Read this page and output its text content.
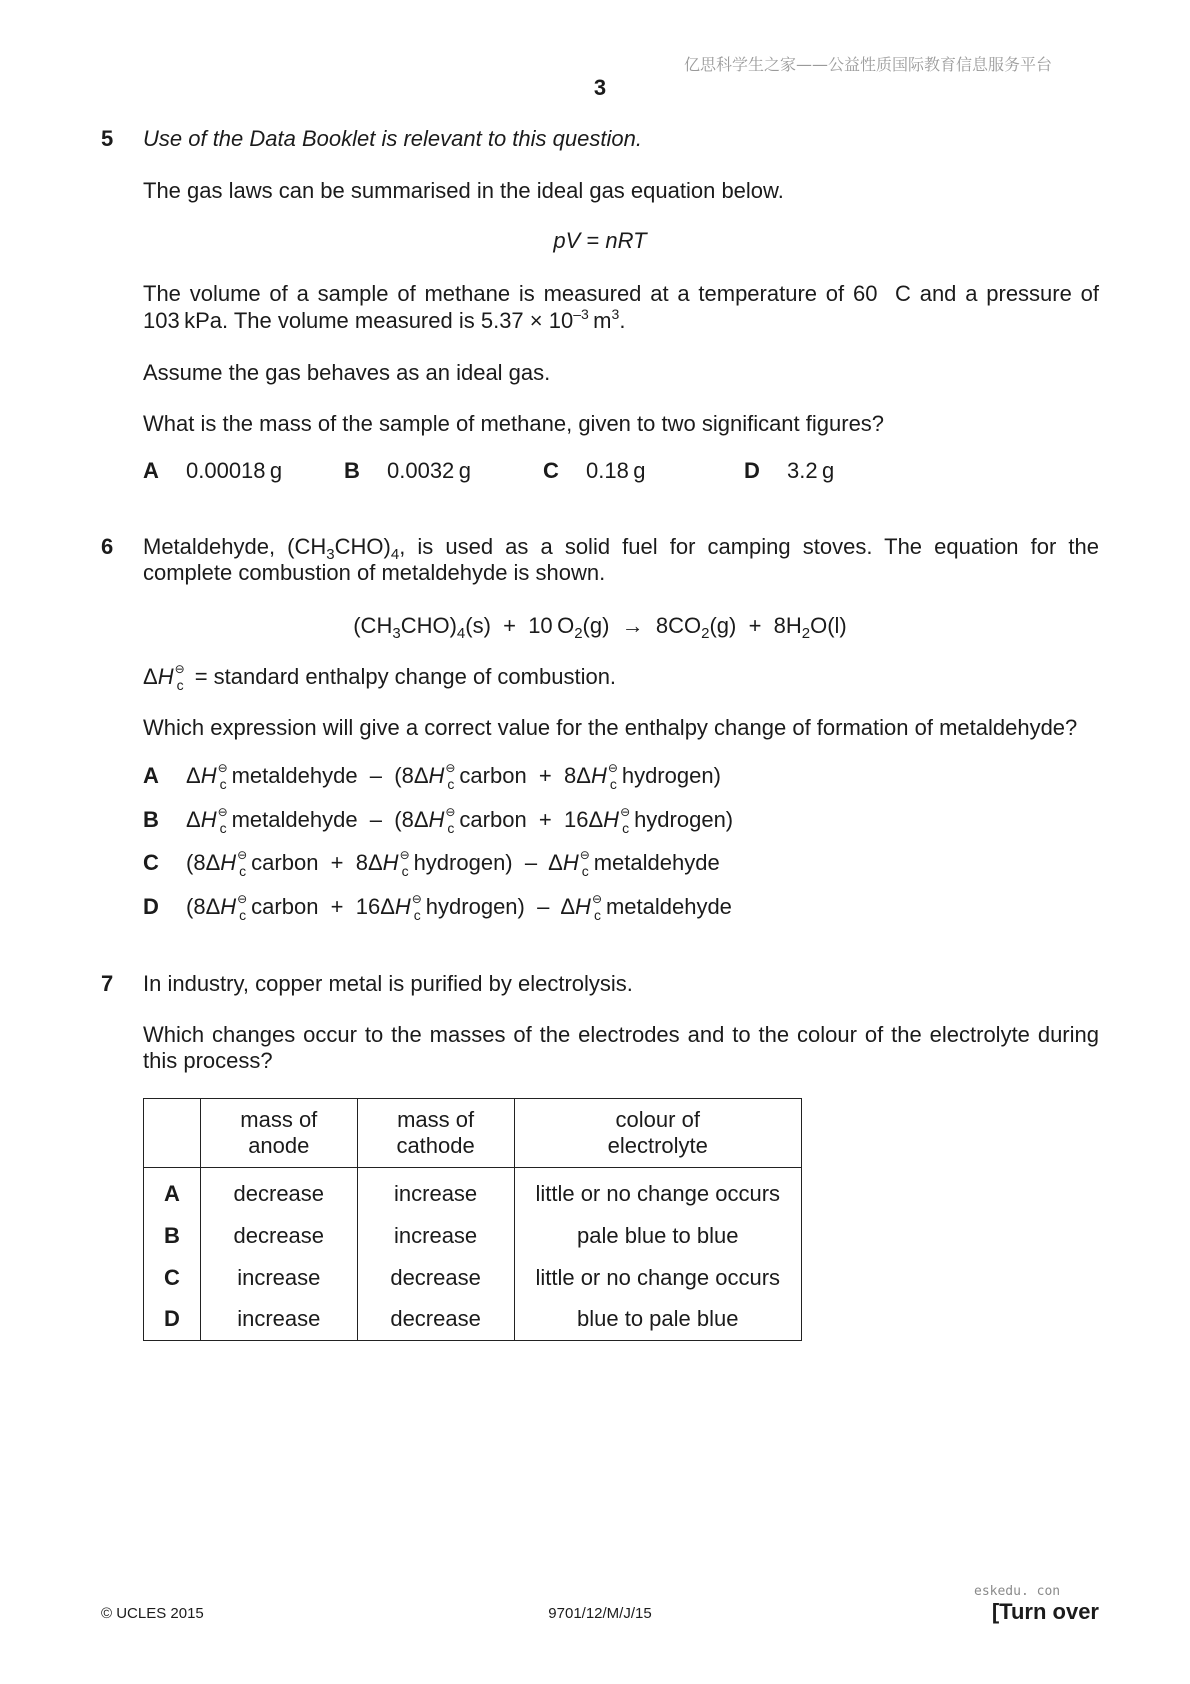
亿思科学生之家——公益性质国际教育信息服务平台
3
5 Use of the Data Booklet is relevant to this question.
The gas laws can be summarised in the ideal gas equation below.
pV = nRT
The volume of a sample of methane is measured at a temperature of 60  C and a pressure of
103 kPa. The volume measured is $5.37 \times 10^{-3}$ $m^3$.
Assume the gas behaves as an ideal gas.
What is the mass of the sample of methane, given to two significant figures?
A 0.00018 g	B 0.0032 g	C 0.18 g	D 3.2 g
6 Metaldehyde, $(CH_3CHO)_4$, is used as a solid fuel for camping stoves. The equation for the
complete combustion of metaldehyde is shown.
$(CH_3CHO)_4(s) + 10$ $O_2(g) \to 8CO_2(g) + 8H_2O(l)$
ΔH ⊖
c = standard enthalpy change of combustion.
Which expression will give a correct value for the enthalpy change of formation of metaldehyde?
A ΔH ⊖
c metaldehyde  –  (8ΔH ⊖
c carbon  +  8ΔH ⊖
c hydrogen)
B ΔH ⊖
c metaldehyde  –  (8ΔH ⊖
c carbon  +  16ΔH ⊖
c hydrogen)
C (8ΔH ⊖
c carbon  +  8ΔH ⊖
c hydrogen)  –  ΔH ⊖
c metaldehyde
D (8ΔH ⊖
c carbon  +  16ΔH ⊖
c hydrogen)  –  ΔH ⊖
c metaldehyde
7 In industry, copper metal is purified by electrolysis.
Which changes occur to the masses of the electrodes and to the colour of the electrolyte during
this process?

	mass of
anode	mass of
cathode	colour of
electrolyte

A	decrease	increase	little or no change occurs
B	decrease	increase	pale blue to blue
C	increase	decrease	little or no change occurs
D	increase	decrease	blue to pale blue
eskedu. con
© UCLES 2015	9701/12/M/J/15	[Turn over
